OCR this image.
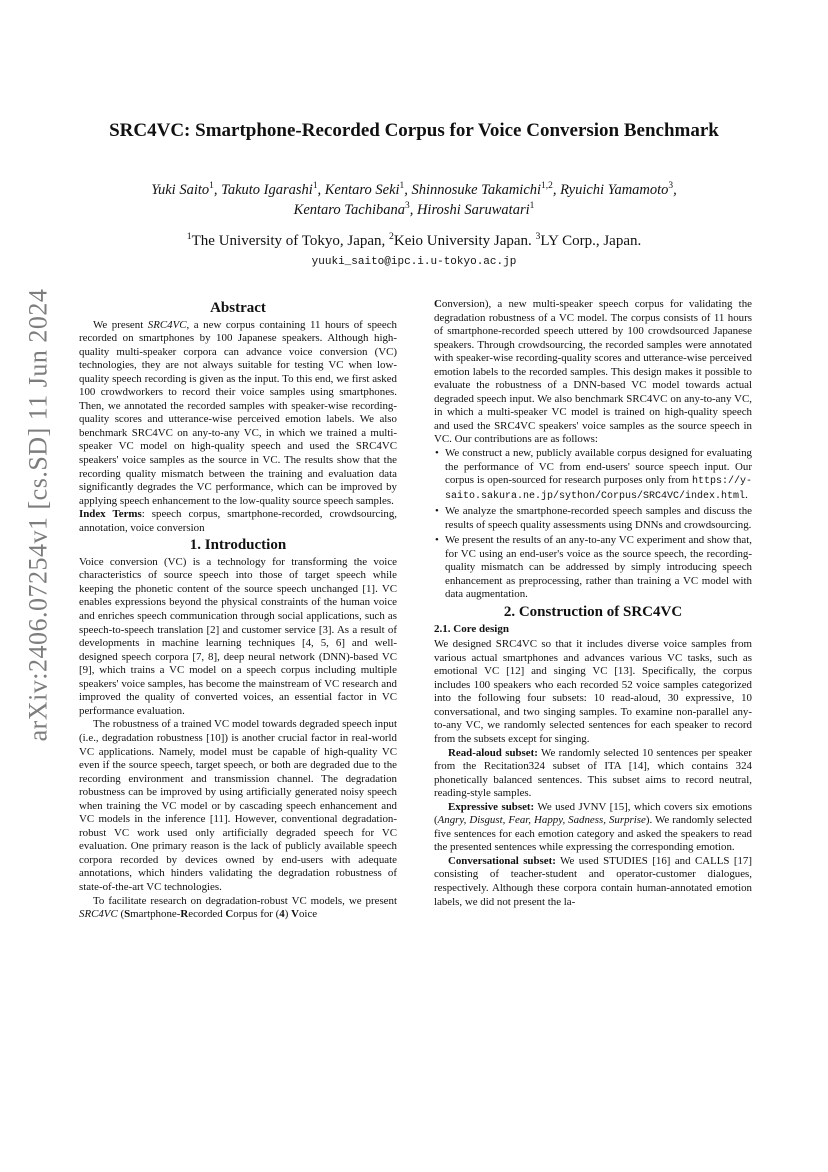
arXiv:2406.07254v1 [cs.SD] 11 Jun 2024
SRC4VC: Smartphone-Recorded Corpus for Voice Conversion Benchmark
Yuki Saito$^1$, Takuto Igarashi$^1$, Kentaro Seki$^1$, Shinnosuke Takamichi$^{1,2}$, Ryuichi Yamamoto$^3$,
Kentaro Tachibana$^3$, Hiroshi Saruwatari$^1$
$^1$The University of Tokyo, Japan, $^2$Keio University Japan. $^3$LY Corp., Japan.
yuuki_saito@ipc.i.u-tokyo.ac.jp
Abstract

We present SRC4VC, a new corpus containing 11 hours of speech recorded on smartphones by 100 Japanese speakers. Although high-quality multi-speaker corpora can advance voice conversion (VC) technologies, they are not always suitable for testing VC when low-quality speech recording is given as the input. To this end, we first asked 100 crowdworkers to record their voice samples using smartphones. Then, we annotated the recorded samples with speaker-wise recording-quality scores and utterance-wise perceived emotion labels. We also benchmark SRC4VC on any-to-any VC, in which we trained a multi-speaker VC model on high-quality speech and used the SRC4VC speakers' voice samples as the source in VC. The results show that the recording quality mismatch between the training and evaluation data significantly degrades the VC performance, which can be improved by applying speech enhancement to the low-quality source speech samples.

Index Terms: speech corpus, smartphone-recorded, crowdsourcing, annotation, voice conversion

1. Introduction

Voice conversion (VC) is a technology for transforming the voice characteristics of source speech into those of target speech while keeping the phonetic content of the source speech unchanged [1]. VC enables expressions beyond the physical constraints of the human voice and enriches speech communication through social applications, such as speech-to-speech translation [2] and customer service [3]. As a result of developments in machine learning techniques [4, 5, 6] and well-designed speech corpora [7, 8], deep neural network (DNN)-based VC [9], which trains a VC model on a speech corpus including multiple speakers' voice samples, has become the mainstream of VC research and improved the quality of converted voices, an essential factor in VC performance evaluation.

The robustness of a trained VC model towards degraded speech input (i.e., degradation robustness [10]) is another crucial factor in real-world VC applications. Namely, model must be capable of high-quality VC even if the source speech, target speech, or both are degraded due to the recording environment and transmission channel. The degradation robustness can be improved by using artificially generated noisy speech when training the VC model or by cascading speech enhancement and VC models in the inference [11]. However, conventional degradation-robust VC work used only artificially degraded speech for VC evaluation. One primary reason is the lack of publicly available speech corpora recorded by devices owned by end-users with adequate annotations, which hinders validating the degradation robustness of state-of-the-art VC technologies.

To facilitate research on degradation-robust VC models, we present SRC4VC (Smartphone-Recorded Corpus for (4) Voice

Conversion), a new multi-speaker speech corpus for validating the degradation robustness of a VC model. The corpus consists of 11 hours of smartphone-recorded speech uttered by 100 crowdsourced Japanese speakers. Through crowdsourcing, the recorded samples were annotated with speaker-wise recording-quality scores and utterance-wise perceived emotion labels to the recorded samples. This design makes it possible to evaluate the robustness of a DNN-based VC model towards actual degraded speech input. We also benchmark SRC4VC on any-to-any VC, in which a multi-speaker VC model is trained on high-quality speech and used the SRC4VC speakers' voice samples as the source speech in VC. Our contributions are as follows:

• We construct a new, publicly available corpus designed for evaluating the performance of VC from end-users' source speech input. Our corpus is open-sourced for research purposes only from https://y-saito.sakura.ne.jp/sython/Corpus/SRC4VC/index.html.
• We analyze the smartphone-recorded speech samples and discuss the results of speech quality assessments using DNNs and crowdsourcing.
• We present the results of an any-to-any VC experiment and show that, for VC using an end-user's voice as the source speech, the recording-quality mismatch can be addressed by simply introducing speech enhancement as preprocessing, rather than training a VC model with data augmentation.
2. Construction of SRC4VC
2.1. Core design

We designed SRC4VC so that it includes diverse voice samples from various actual smartphones and advances various VC tasks, such as emotional VC [12] and singing VC [13]. Specifically, the corpus includes 100 speakers who each recorded 52 voice samples categorized into the following four subsets: 10 read-aloud, 30 expressive, 10 conversational, and two singing samples. To examine non-parallel any-to-any VC, we randomly selected sentences for each speaker to record from the subsets except for singing.

Read-aloud subset: We randomly selected 10 sentences per speaker from the Recitation324 subset of ITA [14], which contains 324 phonetically balanced sentences. This subset aims to record neutral, reading-style samples.

Expressive subset: We used JVNV [15], which covers six emotions (Angry, Disgust, Fear, Happy, Sadness, Surprise). We randomly selected five sentences for each emotion category and asked the speakers to read the presented sentences while expressing the corresponding emotion.

Conversational subset: We used STUDIES [16] and CALLS [17] consisting of teacher-student and operator-customer dialogues, respectively. Although these corpora contain human-annotated emotion labels, we did not present the la-
